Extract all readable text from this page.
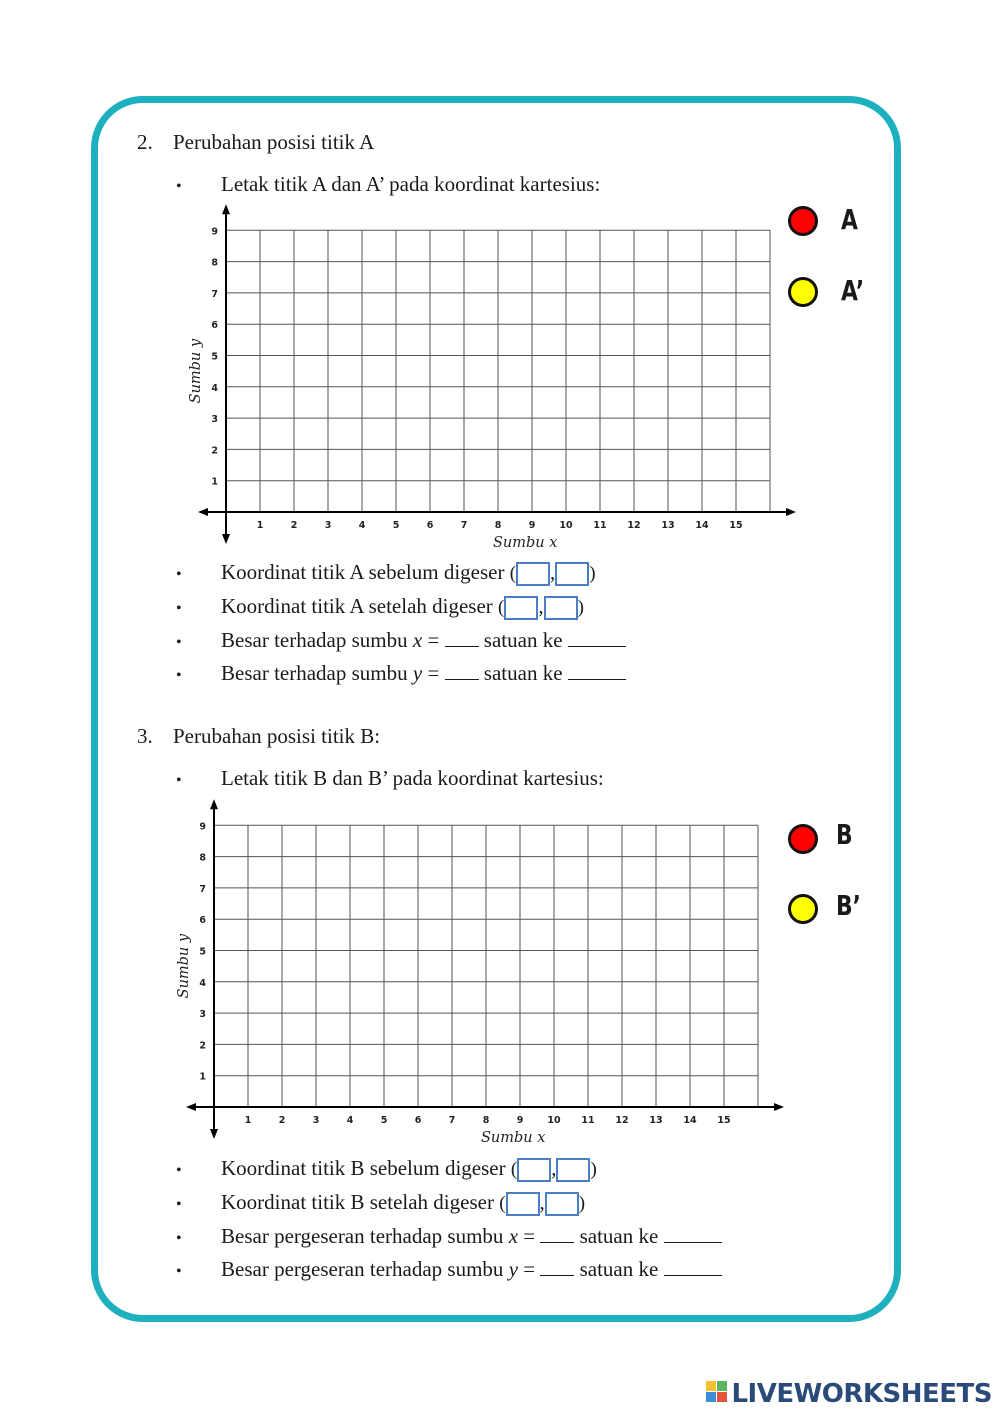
2. Perubahan posisi titik A
• Letak titik A dan A’ pada koordinat kartesius:
1	2	3	4	5	6	7	8	9	10 11 12 13 14 15
1
2
3
4
5
6
7
8
9
Sumbu x
Sumbu y
A
A’
• Koordinat titik A sebelum digeser ( , )
• Koordinat titik A setelah digeser ( , )
• Besar terhadap sumbu x = satuan ke
• Besar terhadap sumbu y = satuan ke
3. Perubahan posisi titik B:
• Letak titik B dan B’ pada koordinat kartesius:
1	2	3	4	5	6	7	8	9	10 11 12 13 14 15
1
2
3
4
5
6
7
8
9
Sumbu x
Sumbu y
B
B’
• Koordinat titik B sebelum digeser ( , )
• Koordinat titik B setelah digeser ( , )
• Besar pergeseran terhadap sumbu x = satuan ke
• Besar pergeseran terhadap sumbu y = satuan ke
LIVEWORKSHEETS
